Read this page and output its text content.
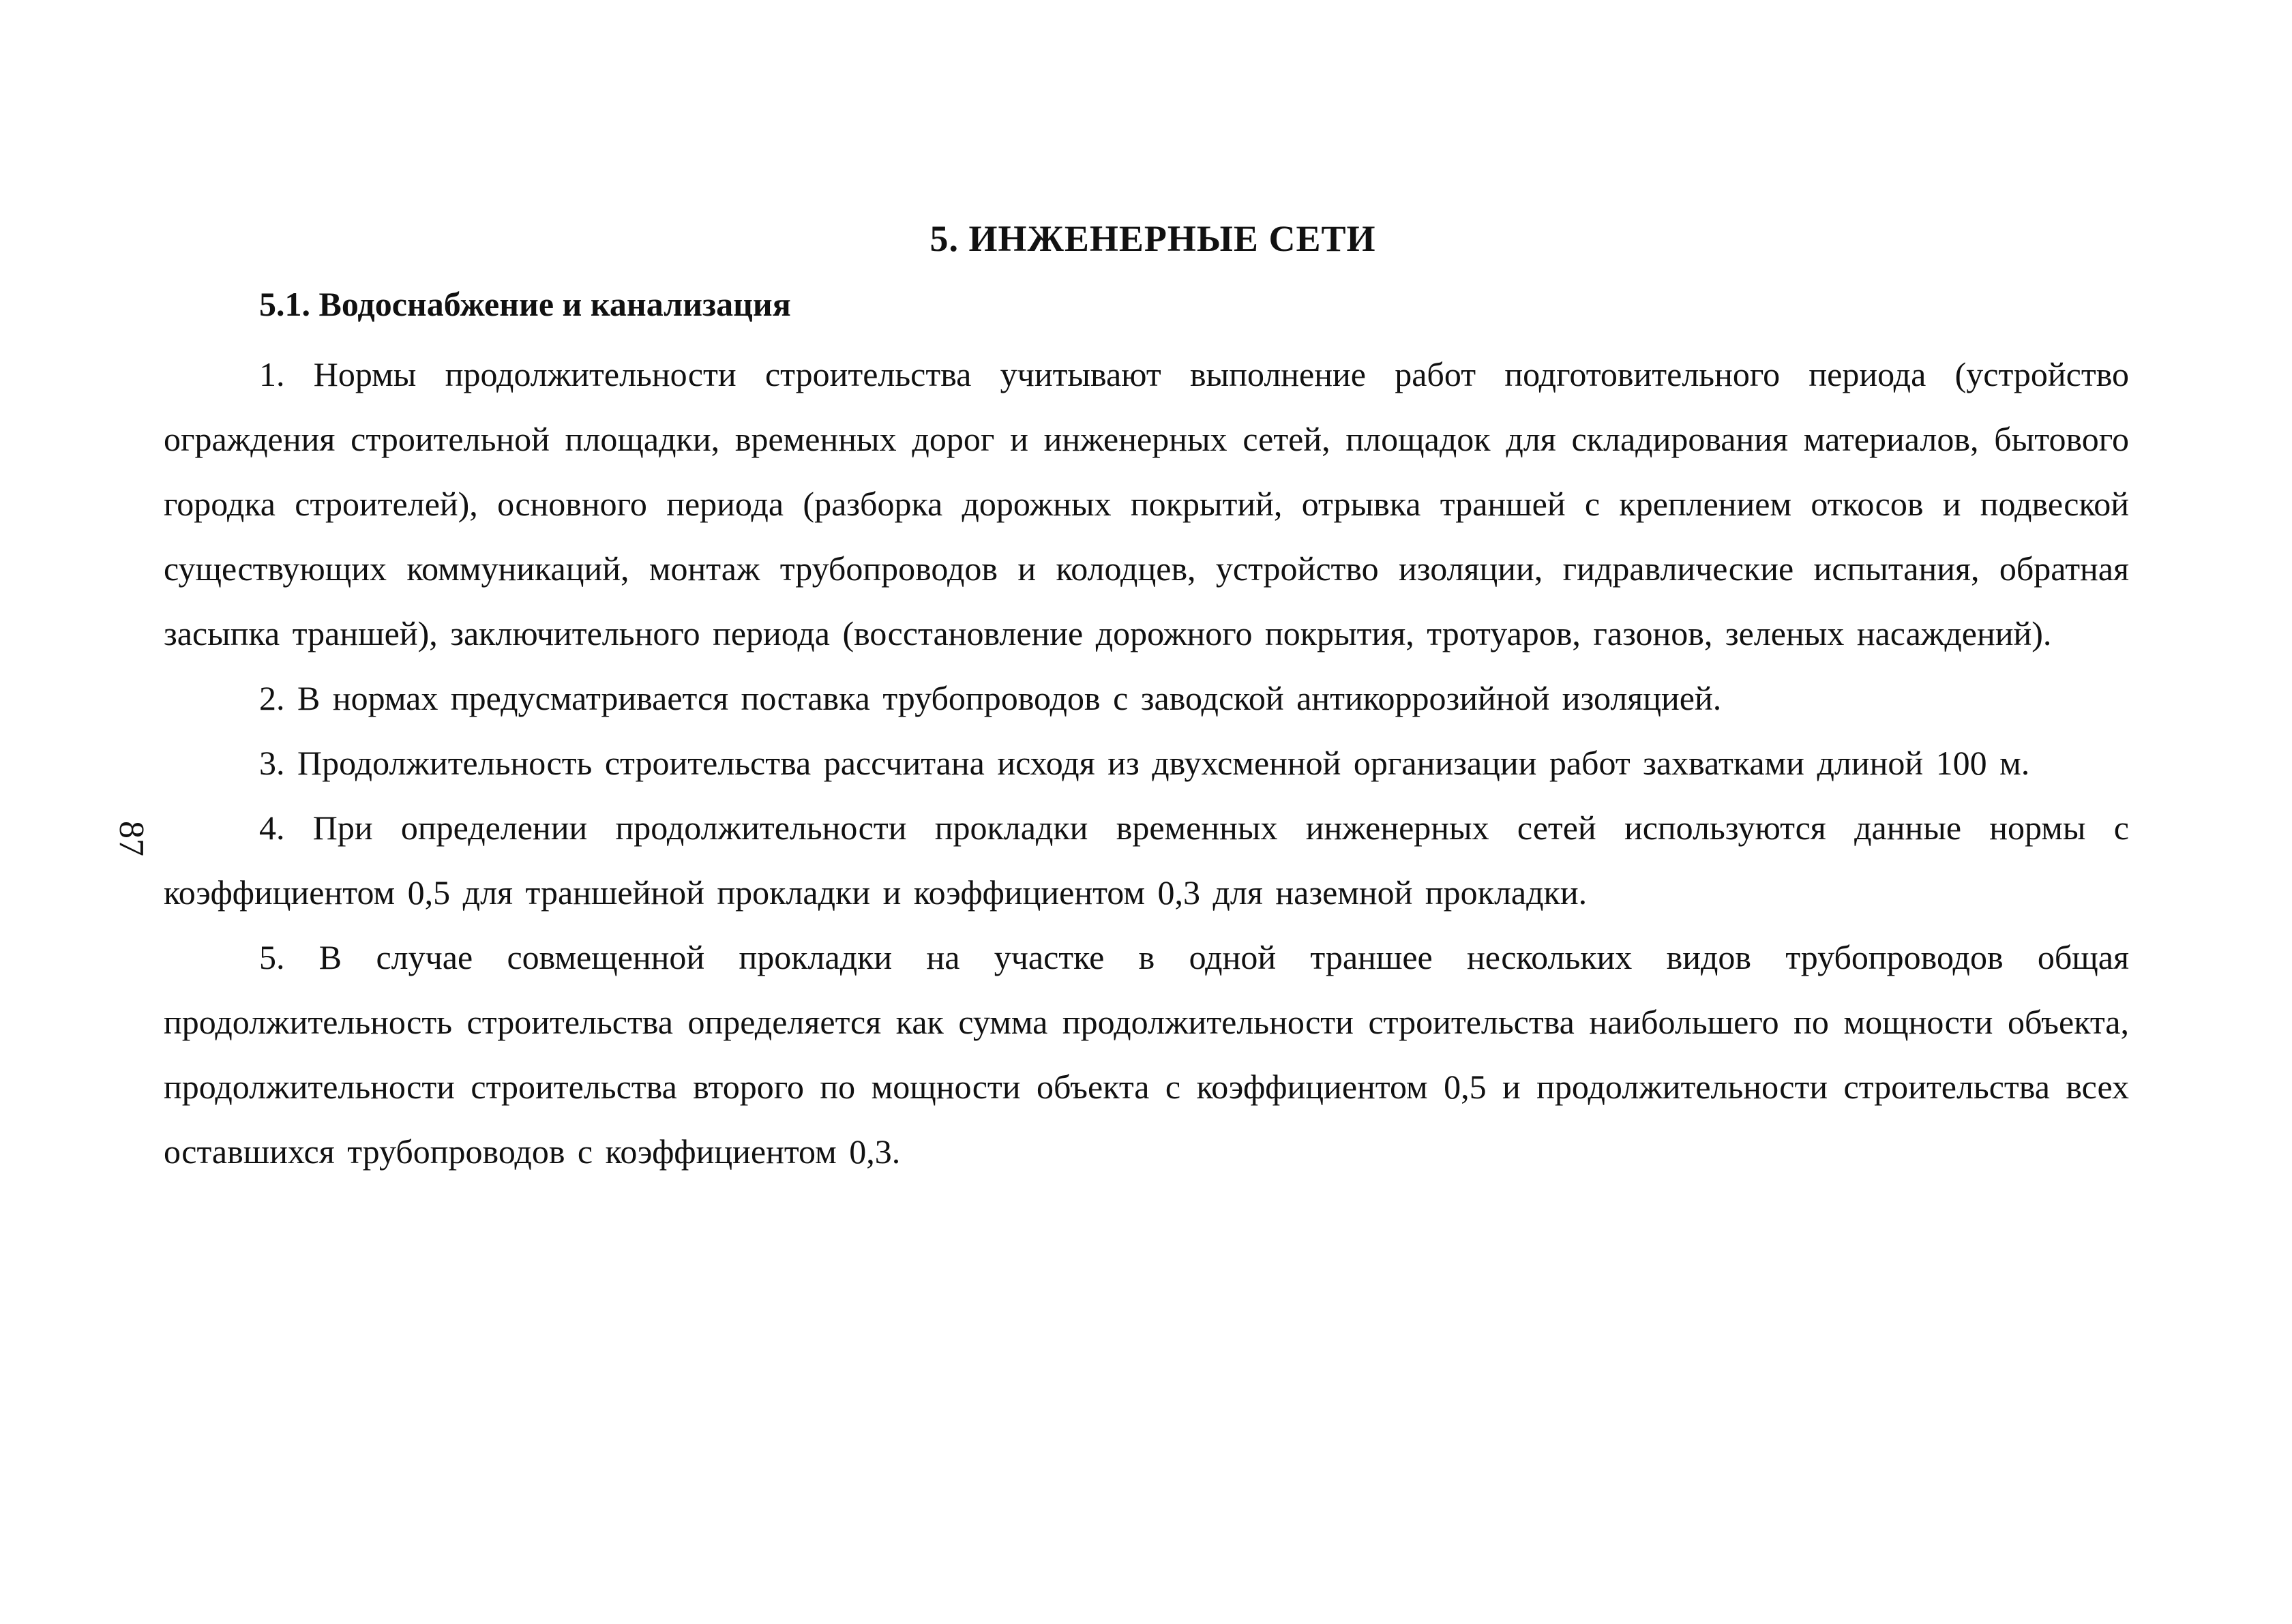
87
5. ИНЖЕНЕРНЫЕ СЕТИ
5.1. Водоснабжение и канализация

1. Нормы продолжительности строительства учитывают выполнение работ подготовительного периода (устройство ограждения строительной площадки, временных дорог и инженерных сетей, площадок для складирования материалов, бытового городка строителей), основного периода (разборка дорожных покрытий, отрывка траншей с креплением откосов и подвеской существующих коммуникаций, монтаж трубопроводов и колодцев, устройство изоляции, гидравлические испытания, обратная засыпка траншей), заключительного периода (восстановление дорожного покрытия, тротуаров, газонов, зеленых насаждений).

2. В нормах предусматривается поставка трубопроводов с заводской антикоррозийной изоляцией.

3. Продолжительность строительства рассчитана исходя из двухсменной организации работ захватками длиной 100 м.

4. При определении продолжительности прокладки временных инженерных сетей используются данные нормы с коэффициентом 0,5 для траншейной прокладки и коэффициентом 0,3 для наземной прокладки.

5. В случае совмещенной прокладки на участке в одной траншее нескольких видов трубопроводов общая продолжительность строительства определяется как сумма продолжительности строительства наибольшего по мощности объекта, продолжительности строительства второго по мощности объекта с коэффициентом 0,5 и продолжительности строительства всех оставшихся трубопроводов с коэффициентом 0,3.
